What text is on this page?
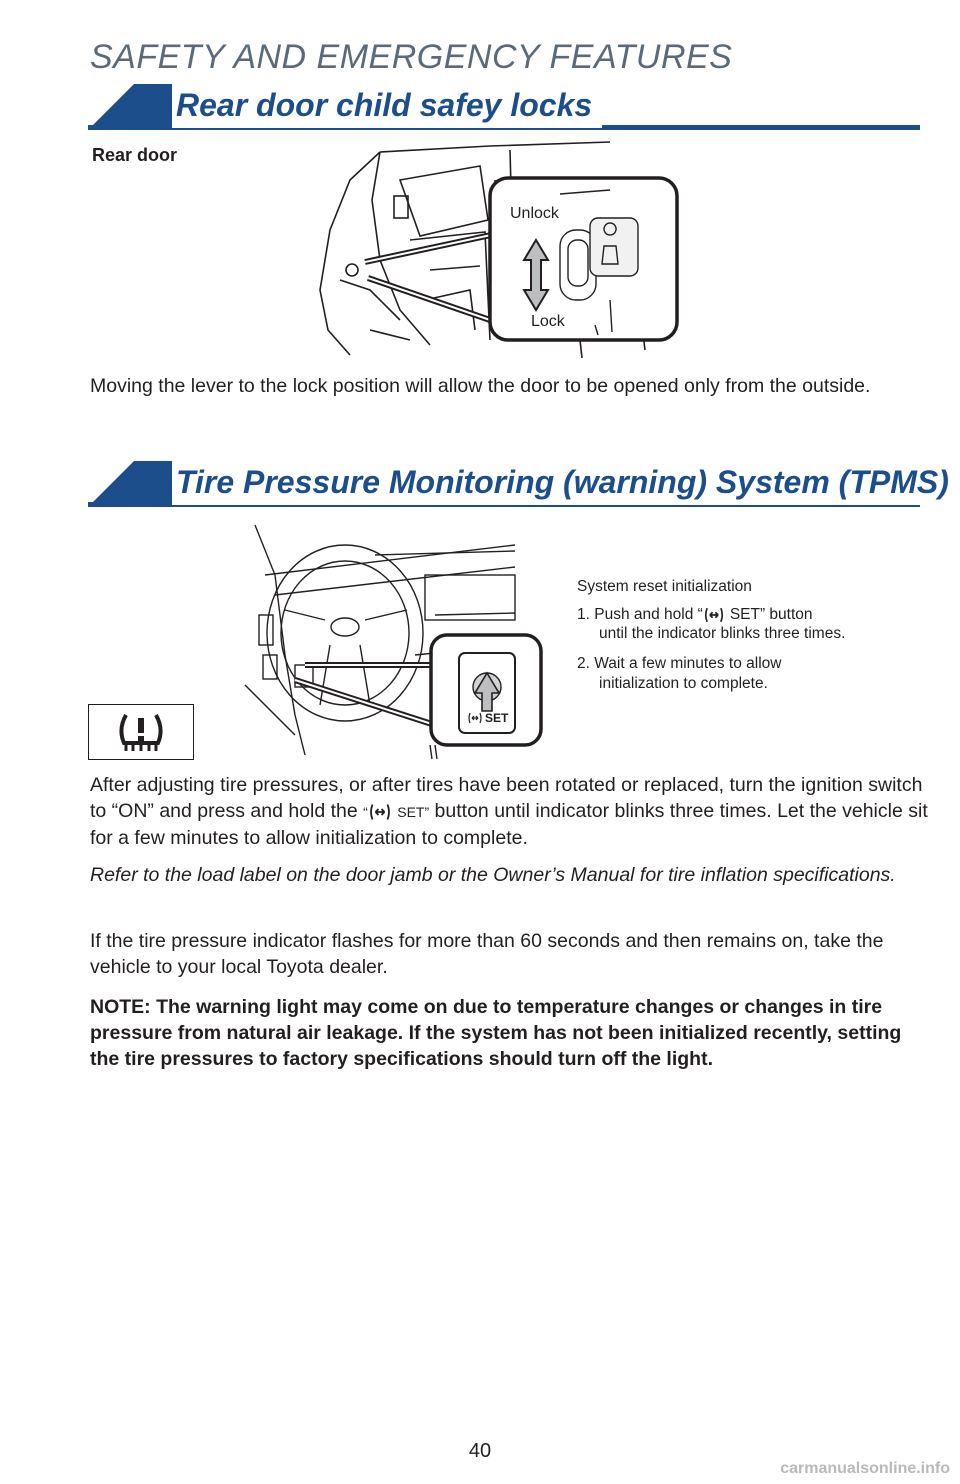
SAFETY AND EMERGENCY FEATURES
Rear door child safey locks
Rear door
Unlock
Lock
Moving the lever to the lock position will allow the door to be opened only from the outside.
Tire Pressure Monitoring (warning) System (TPMS)
SET
System reset initialization
1. Push and hold “ SET” button
until the indicator blinks three times.
2. Wait a few minutes to allow
initialization to complete.
After adjusting tire pressures, or after tires have been rotated or replaced, turn the ignition switch to “ON” and press and hold the “ SET” button until indicator blinks three times. Let the vehicle sit for a few minutes to allow initialization to complete.
Refer to the load label on the door jamb or the Owner’s Manual for tire inflation specifications.
If the tire pressure indicator flashes for more than 60 seconds and then remains on, take the vehicle to your local Toyota dealer.
NOTE: The warning light may come on due to temperature changes or changes in tire pressure from natural air leakage. If the system has not been initialized recently, setting the tire pressures to factory specifications should turn off the light.
40
carmanualsonline.info
